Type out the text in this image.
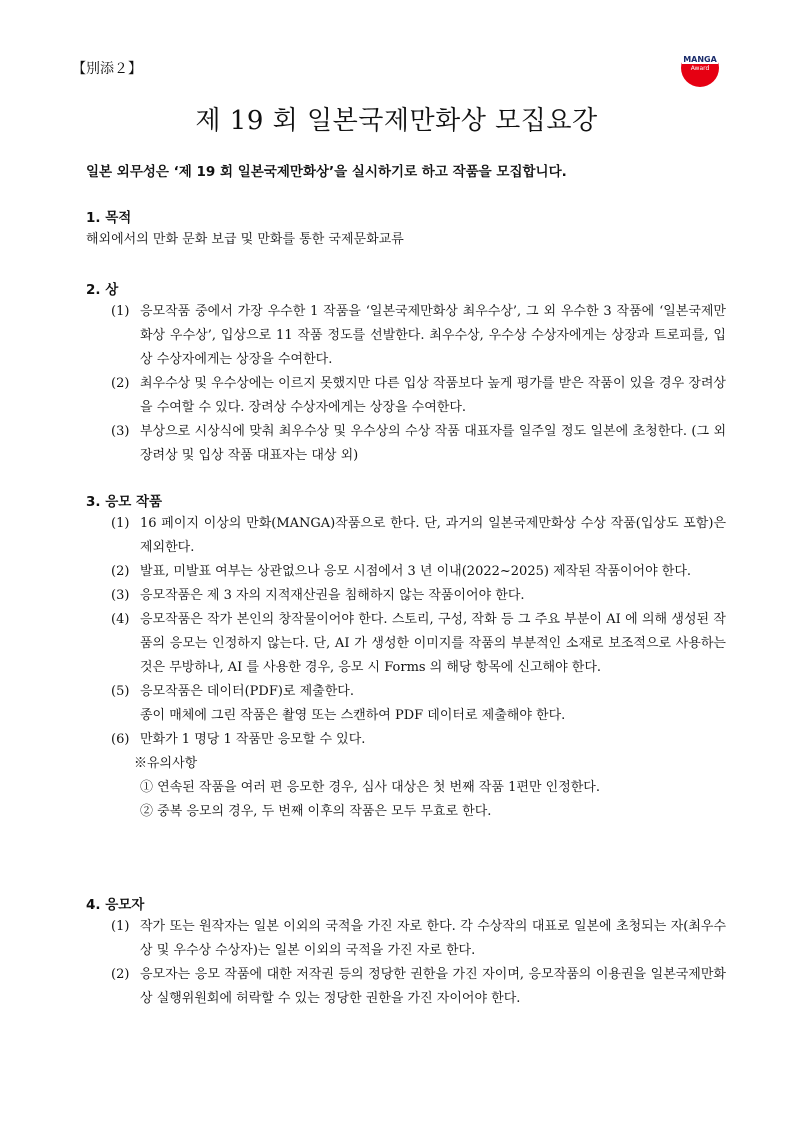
【別添２】
MANGA
Award
제 19 회 일본국제만화상 모집요강
일본 외무성은 ‘제 19 회 일본국제만화상’을 실시하기로 하고 작품을 모집합니다.
1. 목적
해외에서의 만화 문화 보급 및 만화를 통한 국제문화교류
2. 상
(1) 응모작품 중에서 가장 우수한 1 작품을 ‘일본국제만화상 최우수상’, 그 외 우수한 3 작품에 ‘일본국제만화상 우수상’, 입상으로 11 작품 정도를 선발한다. 최우수상, 우수상 수상자에게는 상장과 트로피를, 입상 수상자에게는 상장을 수여한다.
(2) 최우수상 및 우수상에는 이르지 못했지만 다른 입상 작품보다 높게 평가를 받은 작품이 있을 경우 장려상을 수여할 수 있다. 장려상 수상자에게는 상장을 수여한다.
(3) 부상으로 시상식에 맞춰 최우수상 및 우수상의 수상 작품 대표자를 일주일 정도 일본에 초청한다. (그 외 장려상 및 입상 작품 대표자는 대상 외)
3. 응모 작품
(1) 16 페이지 이상의 만화(MANGA)작품으로 한다. 단, 과거의 일본국제만화상 수상 작품(입상도 포함)은 제외한다.
(2) 발표, 미발표 여부는 상관없으나 응모 시점에서 3 년 이내(2022~2025) 제작된 작품이어야 한다.
(3) 응모작품은 제 3 자의 지적재산권을 침해하지 않는 작품이어야 한다.
(4) 응모작품은 작가 본인의 창작물이어야 한다. 스토리, 구성, 작화 등 그 주요 부분이 AI 에 의해 생성된 작품의 응모는 인정하지 않는다. 단, AI 가 생성한 이미지를 작품의 부분적인 소재로 보조적으로 사용하는 것은 무방하나, AI 를 사용한 경우, 응모 시 Forms 의 해당 항목에 신고해야 한다.
(5) 응모작품은 데이터(PDF)로 제출한다.
종이 매체에 그린 작품은 촬영 또는 스캔하여 PDF 데이터로 제출해야 한다.
(6) 만화가 1 명당 1 작품만 응모할 수 있다.
※유의사항
① 연속된 작품을 여러 편 응모한 경우, 심사 대상은 첫 번째 작품 1편만 인정한다.
② 중복 응모의 경우, 두 번째 이후의 작품은 모두 무효로 한다.
4. 응모자
(1) 작가 또는 원작자는 일본 이외의 국적을 가진 자로 한다. 각 수상작의 대표로 일본에 초청되는 자(최우수상 및 우수상 수상자)는 일본 이외의 국적을 가진 자로 한다.
(2) 응모자는 응모 작품에 대한 저작권 등의 정당한 권한을 가진 자이며, 응모작품의 이용권을 일본국제만화상 실행위원회에 허락할 수 있는 정당한 권한을 가진 자이어야 한다.
